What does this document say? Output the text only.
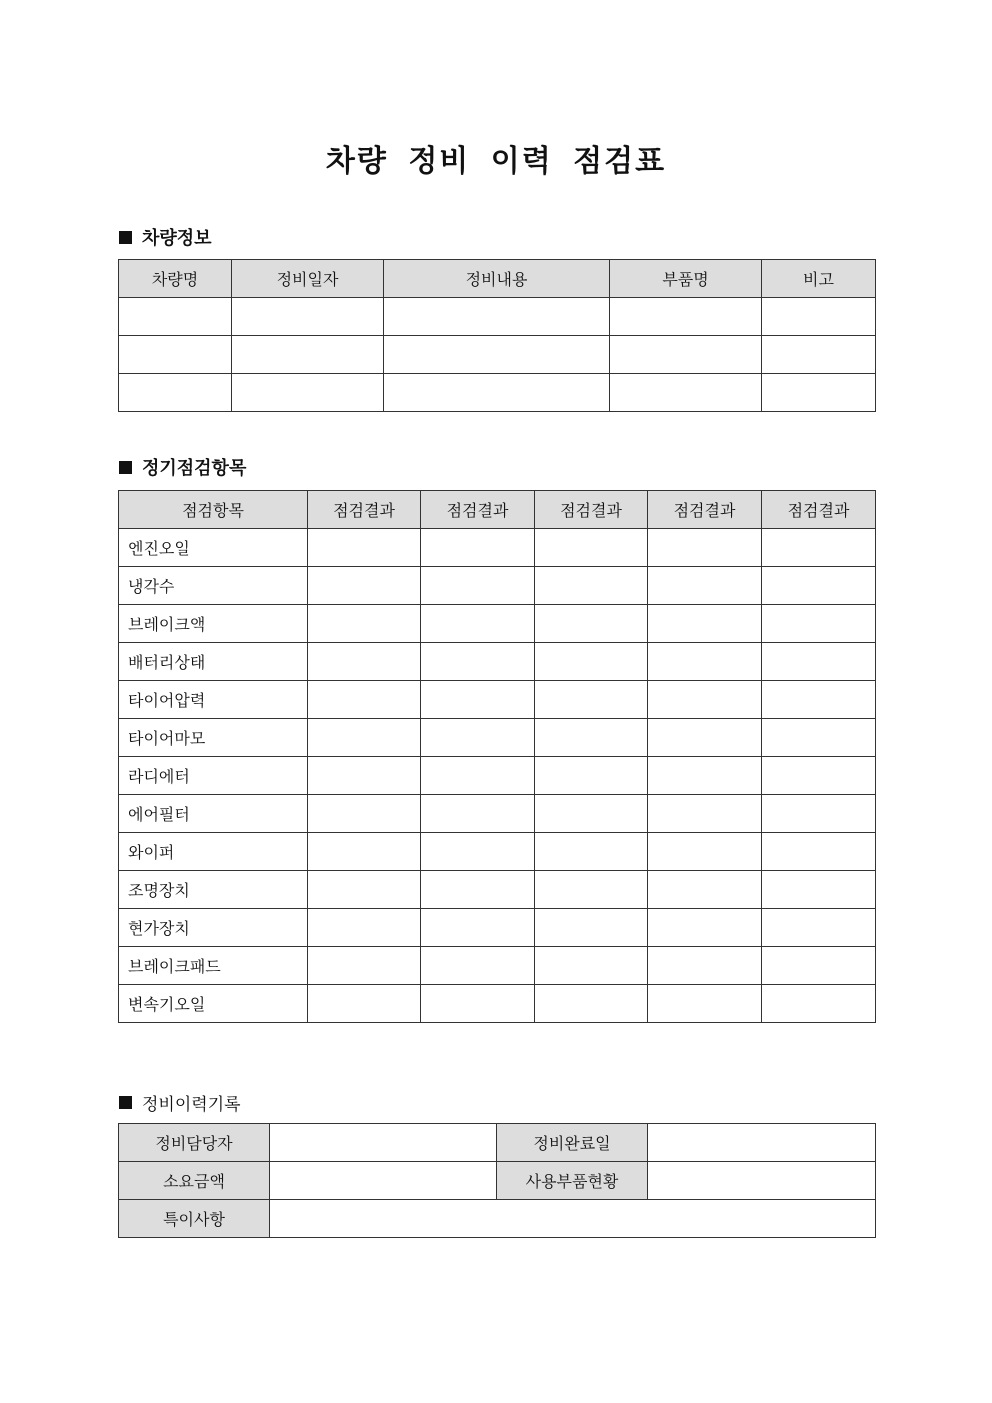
차량 정비 이력 점검표
차량정보
차량명	정비일자	정비내용	부품명	비고

정기점검항목
점검항목	점검결과	점검결과	점검결과	점검결과	점검결과
엔진오일					
냉각수					
브레이크액					
배터리상태					
타이어압력					
타이어마모					
라디에터					
에어필터					
와이퍼					
조명장치					
현가장치					
브레이크패드					
변속기오일					
정비이력기록
정비담당자		정비완료일	
소요금액		사용부품현황	
특이사항			
